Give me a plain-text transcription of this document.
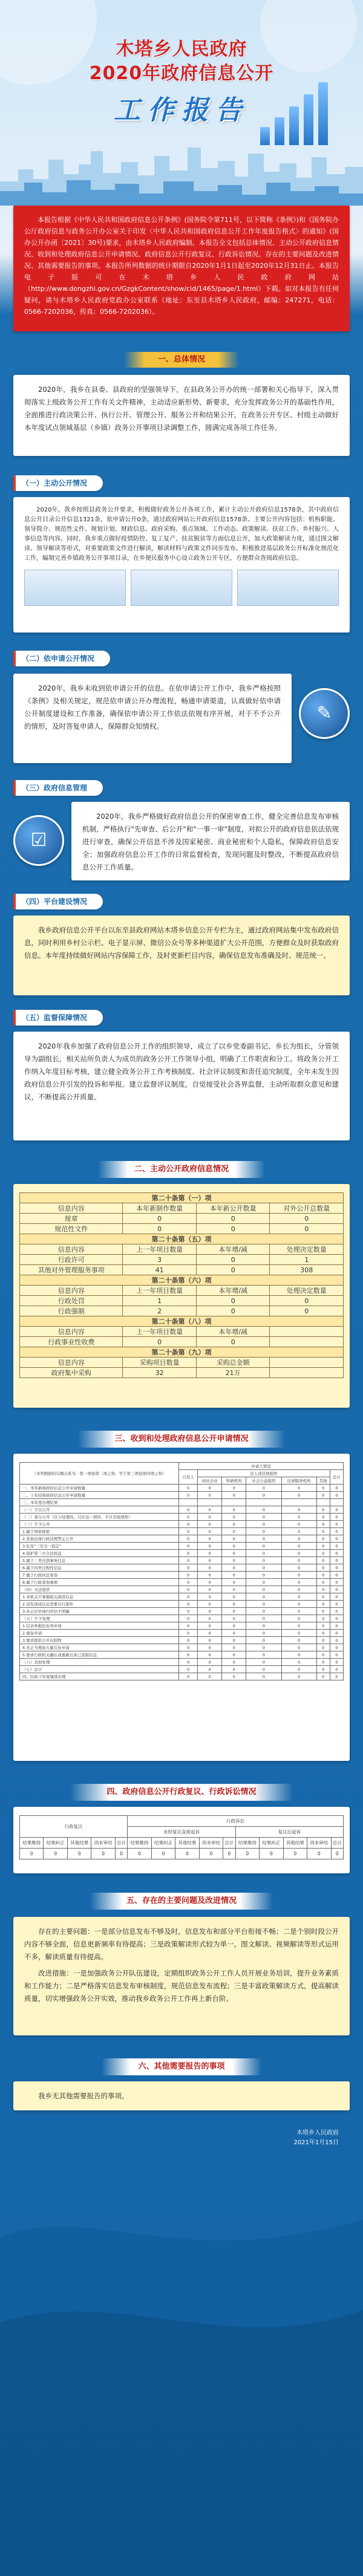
木塔乡人民政府
2020年政府信息公开
工作报告
本报告根据《中华人民共和国政府信息公开条例》(国务院令第711号，以下简称《条例》)和《国务院办公厅政府信息与政务公开办公室关于印发〈中华人民共和国政府信息公开工作年度报告格式〉的通知》(国办公开办函〔2021〕30号)要求，由木塔乡人民政府编制。本报告全文包括总体情况、主动公开政府信息情况、收到和处理政府信息公开申请情况、政府信息公开行政复议、行政诉讼情况、存在的主要问题及改进情况、其他需要报告的事项。本报告所列数据的统计期限自2020年1月1日起至2020年12月31日止。本报告电子版可在木塔乡人民政府网站（http://www.dongzhi.gov.cn/GzgkContent/show/cid/1465/page/1.html）下载。如对本报告有任何疑问，请与木塔乡人民政府党政办公室联系（地址：东至县木塔乡人民政府，邮编：247271，电话：0566-7202036，传真：0566-7202036）。
一、总体情况
2020年，我乡在县委、县政府的坚强领导下，在县政务公开办的统一部署和关心指导下，深入贯彻落实上级政务公开工作有关文件精神，主动适应新形势、新要求，充分发挥政务公开的基础性作用，全面推进行政决策公开、执行公开、管理公开、服务公开和结果公开，在政务公开专区、村级主动做好本年度试点领域基层（乡镇）政务公开事项目录调整工作，圆满完成各项工作任务。
（一）主动公开情况
2020年，我乡按照县政务公开要求，积极做好政务公开各项工作，累计主动公开政府信息1578条，其中政府信息公开目录公开信息1321条，依申请公开0条，通过政府网站公开政府信息1578条。主要公开内容包括：机构职能、领导简介、规范性文件、规划计划、财政信息、政府采购、重点领域、工作动态、政策解读、扶贫工作、乡村振兴、人事信息等内容。同时，我乡重点做好疫情防控、复工复产、扶贫脱贫等方面信息公开，加大政策解读力度，通过图文解读、领导解读等形式，对重要政策文件进行解读，解读材料与政策文件同步发布。积极推进基层政务公开标准化规范化工作，编制完善乡镇政务公开事项目录，在乡便民服务中心设立政务公开专区，方便群众查阅政府信息。
（二）依申请公开情况
2020年，我乡未收到依申请公开的信息。在依申请公开工作中，我乡严格按照《条例》及相关规定，规范依申请公开办理流程，畅通申请渠道，认真做好依申请公开制度建设和工作准备，确保依申请公开工作依法依规有序开展，对于不予公开的情形，及时答复申请人，保障群众知情权。
✎
（三）政府信息管理
2020年，我乡严格做好政府信息公开的保密审查工作，健全完善信息发布审核机制，严格执行"先审查、后公开"和"一事一审"制度，对拟公开的政府信息依法依规进行审查，确保公开信息不涉及国家秘密、商业秘密和个人隐私，保障政府信息安全；加强政府信息公开工作的日常监督检查，发现问题及时整改，不断提高政府信息公开工作质量。
☑
（四）平台建设情况
我乡政府信息公开平台以东至县政府网站木塔乡信息公开专栏为主，通过政府网站集中发布政府信息，同时利用乡村公示栏、电子显示屏、微信公众号等多种渠道扩大公开范围，方便群众及时获取政府信息。本年度持续做好网站内容保障工作，及时更新栏目内容，确保信息发布准确及时、规范统一。
（五）监督保障情况
2020年我乡加强了政府信息公开工作的组织领导，成立了以乡党委副书记、乡长为组长，分管领导为副组长，相关站所负责人为成员的政务公开工作领导小组，明确了工作职责和分工。将政务公开工作纳入年度目标考核，建立健全政务公开工作考核制度、社会评议制度和责任追究制度，全年未发生因政府信息公开引发的投诉和举报。建立监督评议制度，自觉接受社会各界监督，主动听取群众意见和建议，不断提高公开质量。
二、主动公开政府信息情况
第二十条第（一）项			
信息内容	本年新制作数量	本年新公开数量	对外公开总数量
规章	0	0	0
规范性文件	0	0	0
第二十条第（五）项			
信息内容	上一年项目数量	本年增/减	处理决定数量
行政许可	3	0	1
其他对外管理服务事项	41	0	308
第二十条第（六）项			
信息内容	上一年项目数量	本年增/减	处理决定数量
行政处罚	1	0	0
行政强制	2	0	0
第二十条第（八）项			
信息内容	上一年项目数量	本年增/减	
行政事业性收费	0	0	
第二十条第（九）项			
信息内容	采购项目数量	采购总金额	
政府集中采购	32	21万	
三、收到和处理政府信息公开申请情况
（本列数据的勾稽关系为：第一项加第二项之和，等于第三项加第四项之和）	申请人情况						
	自然人	法人或其他组织					总计
		商业企业	科研机构	社会公益组织	法律服务机构	其他	
一、本年新收政府信息公开申请数量	0	0	0	0	0	0	0
二、上年结转政府信息公开申请数量	0	0	0	0	0	0	0
三、本年度办理结果							
（一）予以公开	0	0	0	0	0	0	0
（二）部分公开（区分处理的，只计这一情形，不计其他情形）	0	0	0	0	0	0	0
（三）不予公开	0	0	0	0	0	0	0
1.属于国家秘密	0	0	0	0	0	0	0
2.其他法律行政法规禁止公开	0	0	0	0	0	0	0
3.危及"三安全一稳定"	0	0	0	0	0	0	0
4.保护第三方合法权益	0	0	0	0	0	0	0
5.属于三类内部事务信息	0	0	0	0	0	0	0
6.属于四类过程性信息	0	0	0	0	0	0	0
7.属于行政执法案卷	0	0	0	0	0	0	0
8.属于行政查询事项	0	0	0	0	0	0	0
（四）无法提供	0	0	0	0	0	0	0
1.本机关不掌握相关政府信息	0	0	0	0	0	0	0
2.没有现成信息需要另行制作	0	0	0	0	0	0	0
3.补正后申请内容仍不明确	0	0	0	0	0	0	0
（五）不予处理	0	0	0	0	0	0	0
1.信访举报投诉类申请	0	0	0	0	0	0	0
2.重复申请	0	0	0	0	0	0	0
3.要求提供公开出版物	0	0	0	0	0	0	0
4.无正当理由大量反复申请	0	0	0	0	0	0	0
5.要求行政机关确认或重新出具已获取信息	0	0	0	0	0	0	0
（六）其他处理	0	0	0	0	0	0	0
（七）总计	0	0	0	0	0	0	0
四、结转下年度继续办理	0	0	0	0	0	0	0
四、政府信息公开行政复议、行政诉讼情况
行政复议					行政诉讼									
					未经复议直接起诉					复议后起诉				
结果维持	结果纠正	其他结果	尚未审结	总计	结果维持	结果纠正	其他结果	尚未审结	总计	结果维持	结果纠正	其他结果	尚未审结	总计
0	0	0	0	0	0	0	0	0	0	0	0	0	0	0
五、存在的主要问题及改进情况

存在的主要问题：一是部分信息发布不够及时，信息发布和部分平台衔接不畅；二是个别时段公开内容不够全面，信息更新频率有待提高；三是政策解读形式较为单一，图文解读、视频解读等形式运用不多，解读质量有待提高。

改进措施：一是加强政务公开队伍建设，定期组织政务公开工作人员开展业务培训，提升业务素质和工作能力；二是严格落实信息发布审核制度，规范信息发布流程；三是丰富政策解读方式，提高解读质量，切实增强政务公开实效，推动我乡政务公开工作再上新台阶。

六、其他需要报告的事项
我乡无其他需要报告的事项。
木塔乡人民政府
2021年1月15日
